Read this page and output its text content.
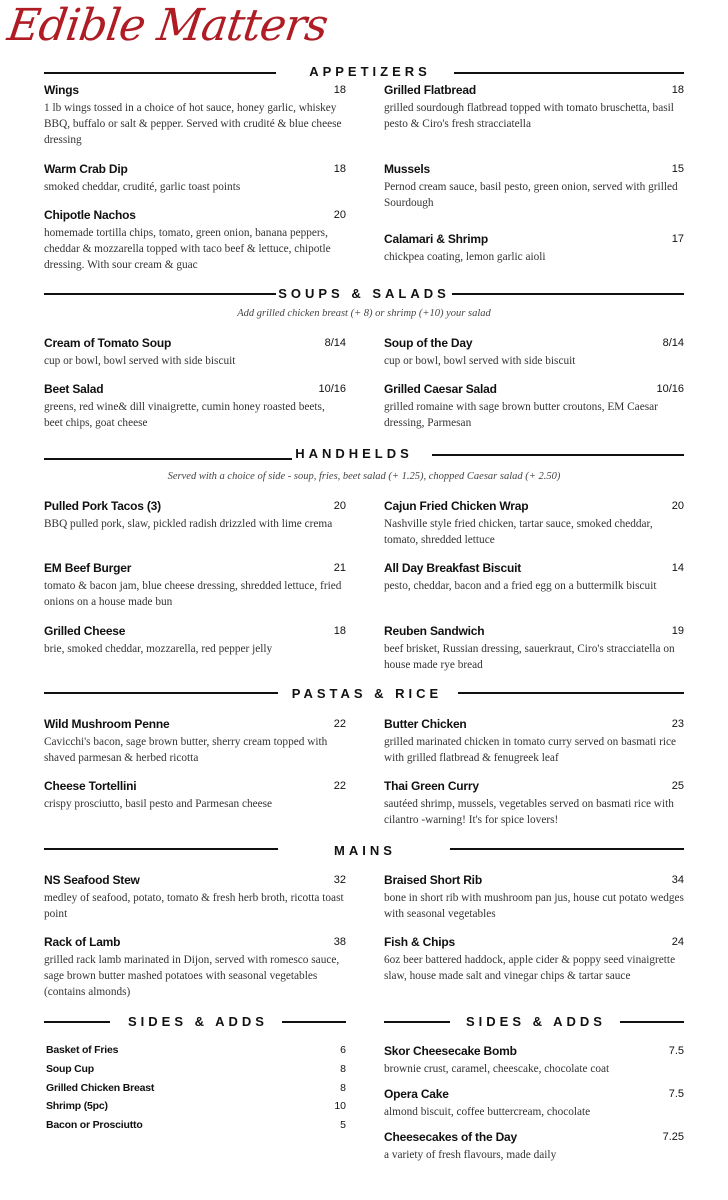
Edible Matters
APPETIZERS
Wings	18
1 lb wings tossed in a choice of hot sauce, honey garlic, whiskey BBQ, buffalo or salt & pepper. Served with crudité & blue cheese dressing
Warm Crab Dip	18
smoked cheddar, crudité, garlic toast points
Chipotle Nachos	20
homemade tortilla chips, tomato, green onion, banana peppers, cheddar & mozzarella topped with taco beef & lettuce, chipotle dressing. With sour cream & guac
Grilled Flatbread	18
grilled sourdough flatbread topped with tomato bruschetta, basil pesto & Ciro's fresh stracciatella
Mussels	15
Pernod cream sauce, basil pesto, green onion, served with grilled Sourdough
Calamari & Shrimp	17
chickpea coating, lemon garlic aioli
SOUPS & SALADS
Add grilled chicken breast (+ 8) or shrimp (+10) your salad
Cream of Tomato Soup	8/14
cup or bowl, bowl served with side biscuit
Beet Salad	10/16
greens, red wine& dill vinaigrette, cumin honey roasted beets, beet chips, goat cheese
Soup of the Day	8/14
cup or bowl, bowl served with side biscuit
Grilled Caesar Salad	10/16
grilled romaine with sage brown butter croutons, EM Caesar dressing, Parmesan
HANDHELDS
Served with a choice of side - soup, fries, beet salad (+ 1.25), chopped Caesar salad (+ 2.50)
Pulled Pork Tacos (3)	20
BBQ pulled pork, slaw, pickled radish drizzled with lime crema
EM Beef Burger	21
tomato & bacon jam, blue cheese dressing, shredded lettuce, fried onions on a house made bun
Grilled Cheese	18
brie, smoked cheddar, mozzarella, red pepper jelly
Cajun Fried Chicken Wrap	20
Nashville style fried chicken, tartar sauce, smoked cheddar, tomato, shredded lettuce
All Day Breakfast Biscuit	14
pesto, cheddar, bacon and a fried egg on a buttermilk biscuit
Reuben Sandwich	19
beef brisket, Russian dressing, sauerkraut, Ciro's stracciatella on house made rye bread
PASTAS & RICE
Wild Mushroom Penne	22
Cavicchi's bacon, sage brown butter, sherry cream topped with shaved parmesan & herbed ricotta
Cheese Tortellini	22
crispy prosciutto, basil pesto and Parmesan cheese
Butter Chicken	23
grilled marinated chicken in tomato curry served on basmati rice with grilled flatbread & fenugreek leaf
Thai Green Curry	25
sautéed shrimp, mussels, vegetables served on basmati rice with cilantro -warning! It's for spice lovers!
MAINS
NS Seafood Stew	32
medley of seafood, potato, tomato & fresh herb broth, ricotta toast point
Rack of Lamb	38
grilled rack lamb marinated in Dijon, served with romesco sauce, sage brown butter mashed potatoes with seasonal vegetables (contains almonds)
Braised Short Rib	34
bone in short rib with mushroom pan jus, house cut potato wedges with seasonal vegetables
Fish & Chips	24
6oz beer battered haddock, apple cider & poppy seed vinaigrette slaw, house made salt and vinegar chips & tartar sauce
SIDES & ADDS
Basket of Fries	6
Soup Cup	8
Grilled Chicken Breast	8
Shrimp (5pc)	10
Bacon or Prosciutto	5
SIDES & ADDS
Skor Cheesecake Bomb	7.5
brownie crust, caramel, cheescake, chocolate coat
Opera Cake	7.5
almond biscuit, coffee buttercream, chocolate
Cheesecakes of the Day	7.25
a variety of fresh flavours, made daily
